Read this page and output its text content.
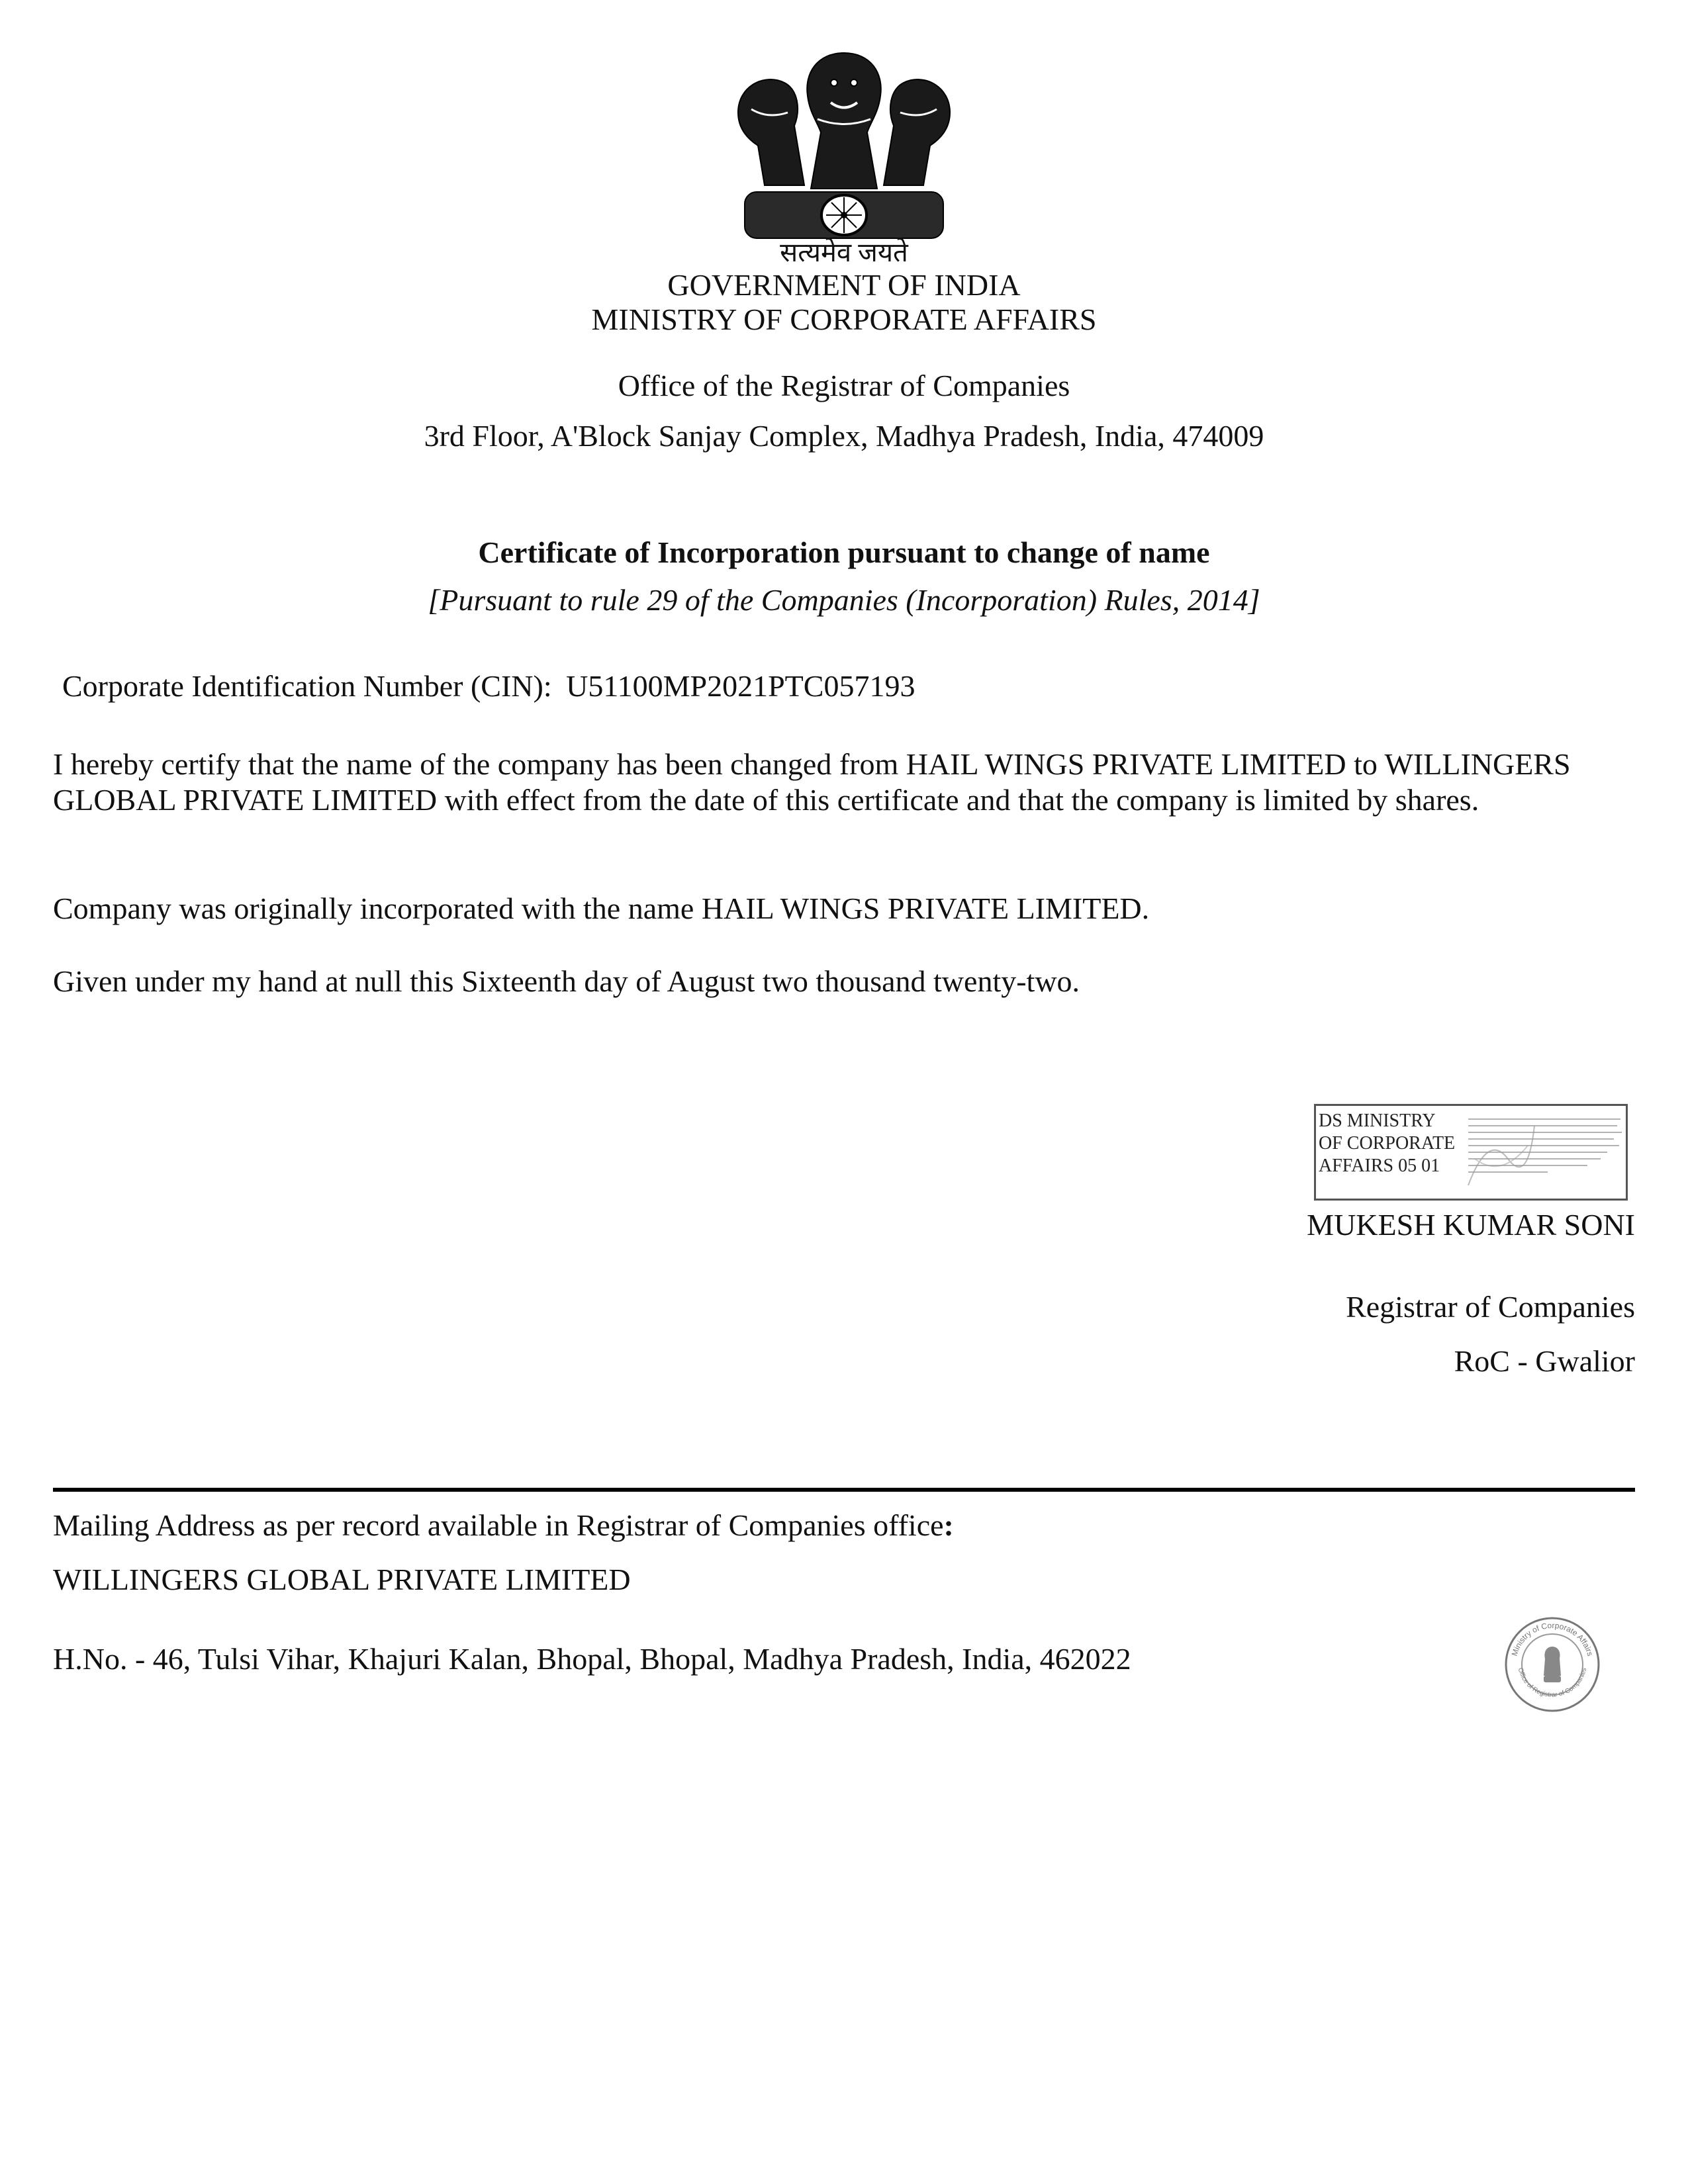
सत्यमेव जयते
GOVERNMENT OF INDIA
MINISTRY OF CORPORATE AFFAIRS
Office of the Registrar of Companies
3rd Floor, A'Block Sanjay Complex, Madhya Pradesh, India, 474009
Certificate of Incorporation pursuant to change of name
[Pursuant to rule 29 of the Companies (Incorporation) Rules, 2014]
Corporate Identification Number (CIN): U51100MP2021PTC057193
I hereby certify that the name of the company has been changed from HAIL WINGS PRIVATE LIMITED to WILLINGERS GLOBAL PRIVATE LIMITED with effect from the date of this certificate and that the company is limited by shares.
Company was originally incorporated with the name HAIL WINGS PRIVATE LIMITED.
Given under my hand at null this Sixteenth day of August two thousand twenty-two.
DS MINISTRY
OF CORPORATE
AFFAIRS 05 01
MUKESH KUMAR SONI
Registrar of Companies
RoC - Gwalior
Mailing Address as per record available in Registrar of Companies office:
WILLINGERS GLOBAL PRIVATE LIMITED
H.No. - 46, Tulsi Vihar, Khajuri Kalan, Bhopal, Bhopal, Madhya Pradesh, India, 462022	Ministry of Corporate Affairs
Office of Registrar of Companies
